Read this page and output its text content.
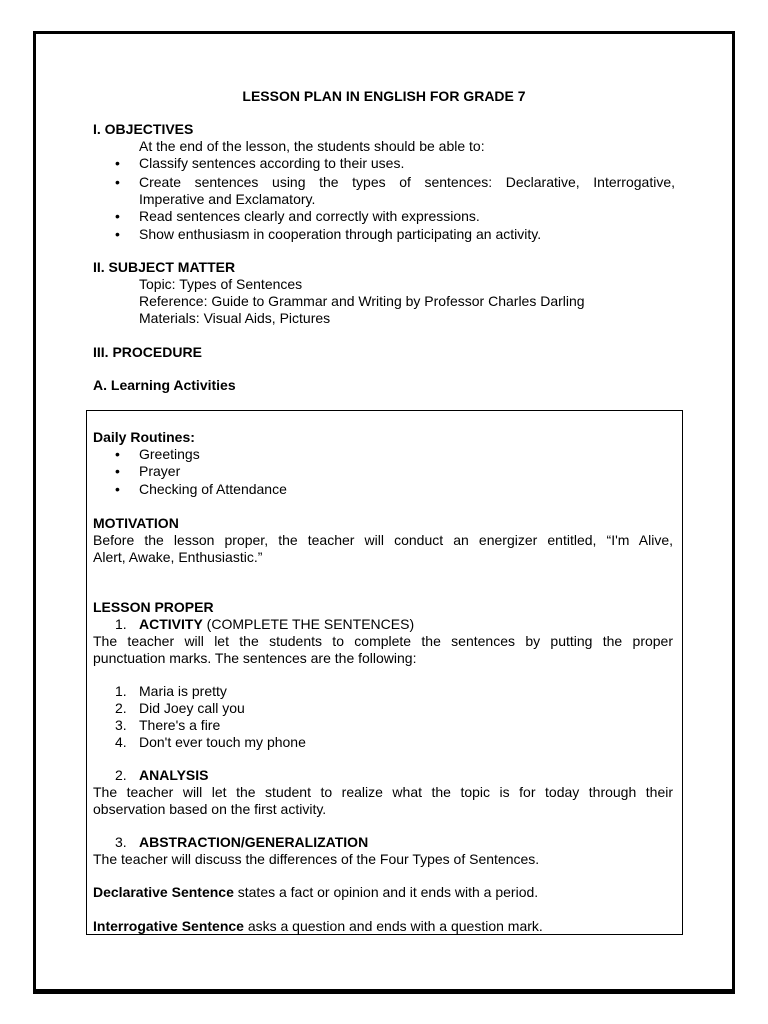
LESSON PLAN IN ENGLISH FOR GRADE 7
I. OBJECTIVES
At the end of the lesson, the students should be able to:
• Classify sentences according to their uses.
• Create sentences using the types of sentences: Declarative, Interrogative,
Imperative and Exclamatory.
• Read sentences clearly and correctly with expressions.
• Show enthusiasm in cooperation through participating an activity.
II. SUBJECT MATTER
Topic: Types of Sentences
Reference: Guide to Grammar and Writing by Professor Charles Darling
Materials: Visual Aids, Pictures
III. PROCEDURE
A. Learning Activities
Daily Routines:
• Greetings
• Prayer
• Checking of Attendance
MOTIVATION
Before the lesson proper, the teacher will conduct an energizer entitled, “I'm Alive,
Alert, Awake, Enthusiastic.”
LESSON PROPER
1. ACTIVITY (COMPLETE THE SENTENCES)
The teacher will let the students to complete the sentences by putting the proper
punctuation marks. The sentences are the following:
1. Maria is pretty
2. Did Joey call you
3. There's a fire
4. Don't ever touch my phone
2. ANALYSIS
The teacher will let the student to realize what the topic is for today through their
observation based on the first activity.
3. ABSTRACTION/GENERALIZATION
The teacher will discuss the differences of the Four Types of Sentences.
Declarative Sentence states a fact or opinion and it ends with a period.
Interrogative Sentence asks a question and ends with a question mark.
